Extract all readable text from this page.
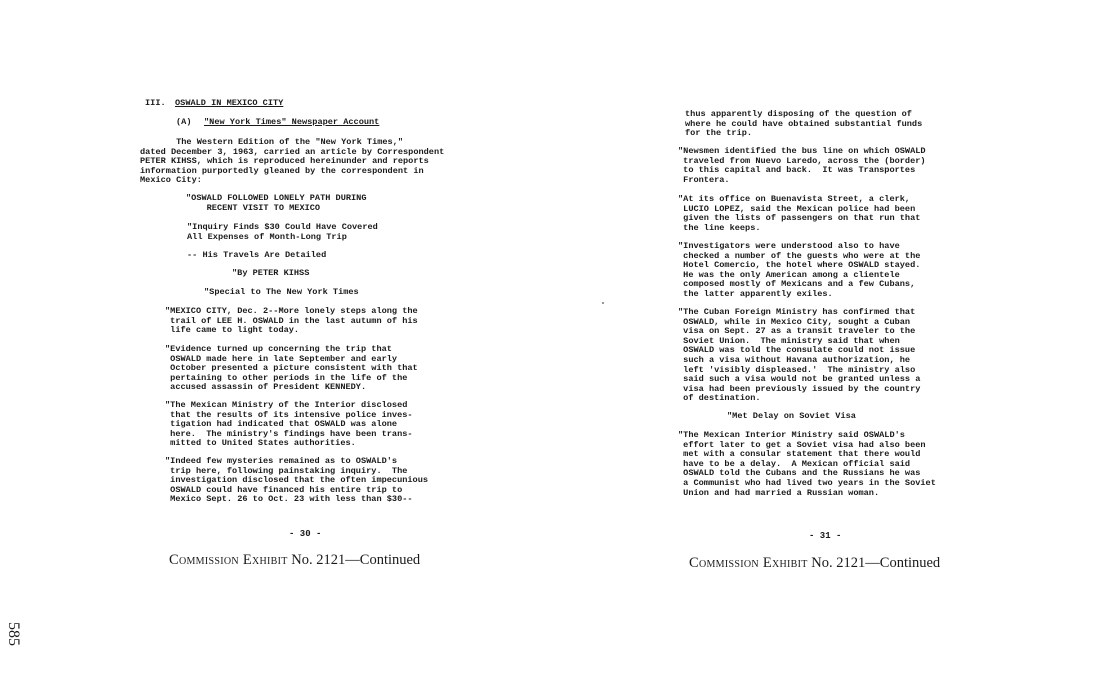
III. OSWALD IN MEXICO CITY
(A) "New York Times" Newspaper Account
The Western Edition of the "New York Times,"
dated December 3, 1963, carried an article by Correspondent
PETER KIHSS, which is reproduced hereinunder and reports
information purportedly gleaned by the correspondent in
Mexico City:
"OSWALD FOLLOWED LONELY PATH DURING
RECENT VISIT TO MEXICO
"Inquiry Finds $30 Could Have Covered
All Expenses of Month-Long Trip
-- His Travels Are Detailed
"By PETER KIHSS
"Special to The New York Times
"MEXICO CITY, Dec. 2--More lonely steps along the
trail of LEE H. OSWALD in the last autumn of his
life came to light today.
"Evidence turned up concerning the trip that
OSWALD made here in late September and early
October presented a picture consistent with that
pertaining to other periods in the life of the
accused assassin of President KENNEDY.
"The Mexican Ministry of the Interior disclosed
that the results of its intensive police inves-
tigation had indicated that OSWALD was alone
here.  The ministry's findings have been trans-
mitted to United States authorities.
"Indeed few mysteries remained as to OSWALD's
trip here, following painstaking inquiry.  The
investigation disclosed that the often impecunious
OSWALD could have financed his entire trip to
Mexico Sept. 26 to Oct. 23 with less than $30--
- 30 -
Commission Exhibit No. 2121—Continued
585
thus apparently disposing of the question of
where he could have obtained substantial funds
for the trip.
"Newsmen identified the bus line on which OSWALD
traveled from Nuevo Laredo, across the (border)
to this capital and back.  It was Transportes
Frontera.
"At its office on Buenavista Street, a clerk,
LUCIO LOPEZ, said the Mexican police had been
given the lists of passengers on that run that
the line keeps.
"Investigators were understood also to have
checked a number of the guests who were at the
Hotel Comercio, the hotel where OSWALD stayed.
He was the only American among a clientele
composed mostly of Mexicans and a few Cubans,
the latter apparently exiles.
"The Cuban Foreign Ministry has confirmed that
OSWALD, while in Mexico City, sought a Cuban
visa on Sept. 27 as a transit traveler to the
Soviet Union.  The ministry said that when
OSWALD was told the consulate could not issue
such a visa without Havana authorization, he
left 'visibly displeased.'  The ministry also
said such a visa would not be granted unless a
visa had been previously issued by the country
of destination.
"Met Delay on Soviet Visa
"The Mexican Interior Ministry said OSWALD's
effort later to get a Soviet visa had also been
met with a consular statement that there would
have to be a delay.  A Mexican official said
OSWALD told the Cubans and the Russians he was
a Communist who had lived two years in the Soviet
Union and had married a Russian woman.
- 31 -
Commission Exhibit No. 2121—Continued
